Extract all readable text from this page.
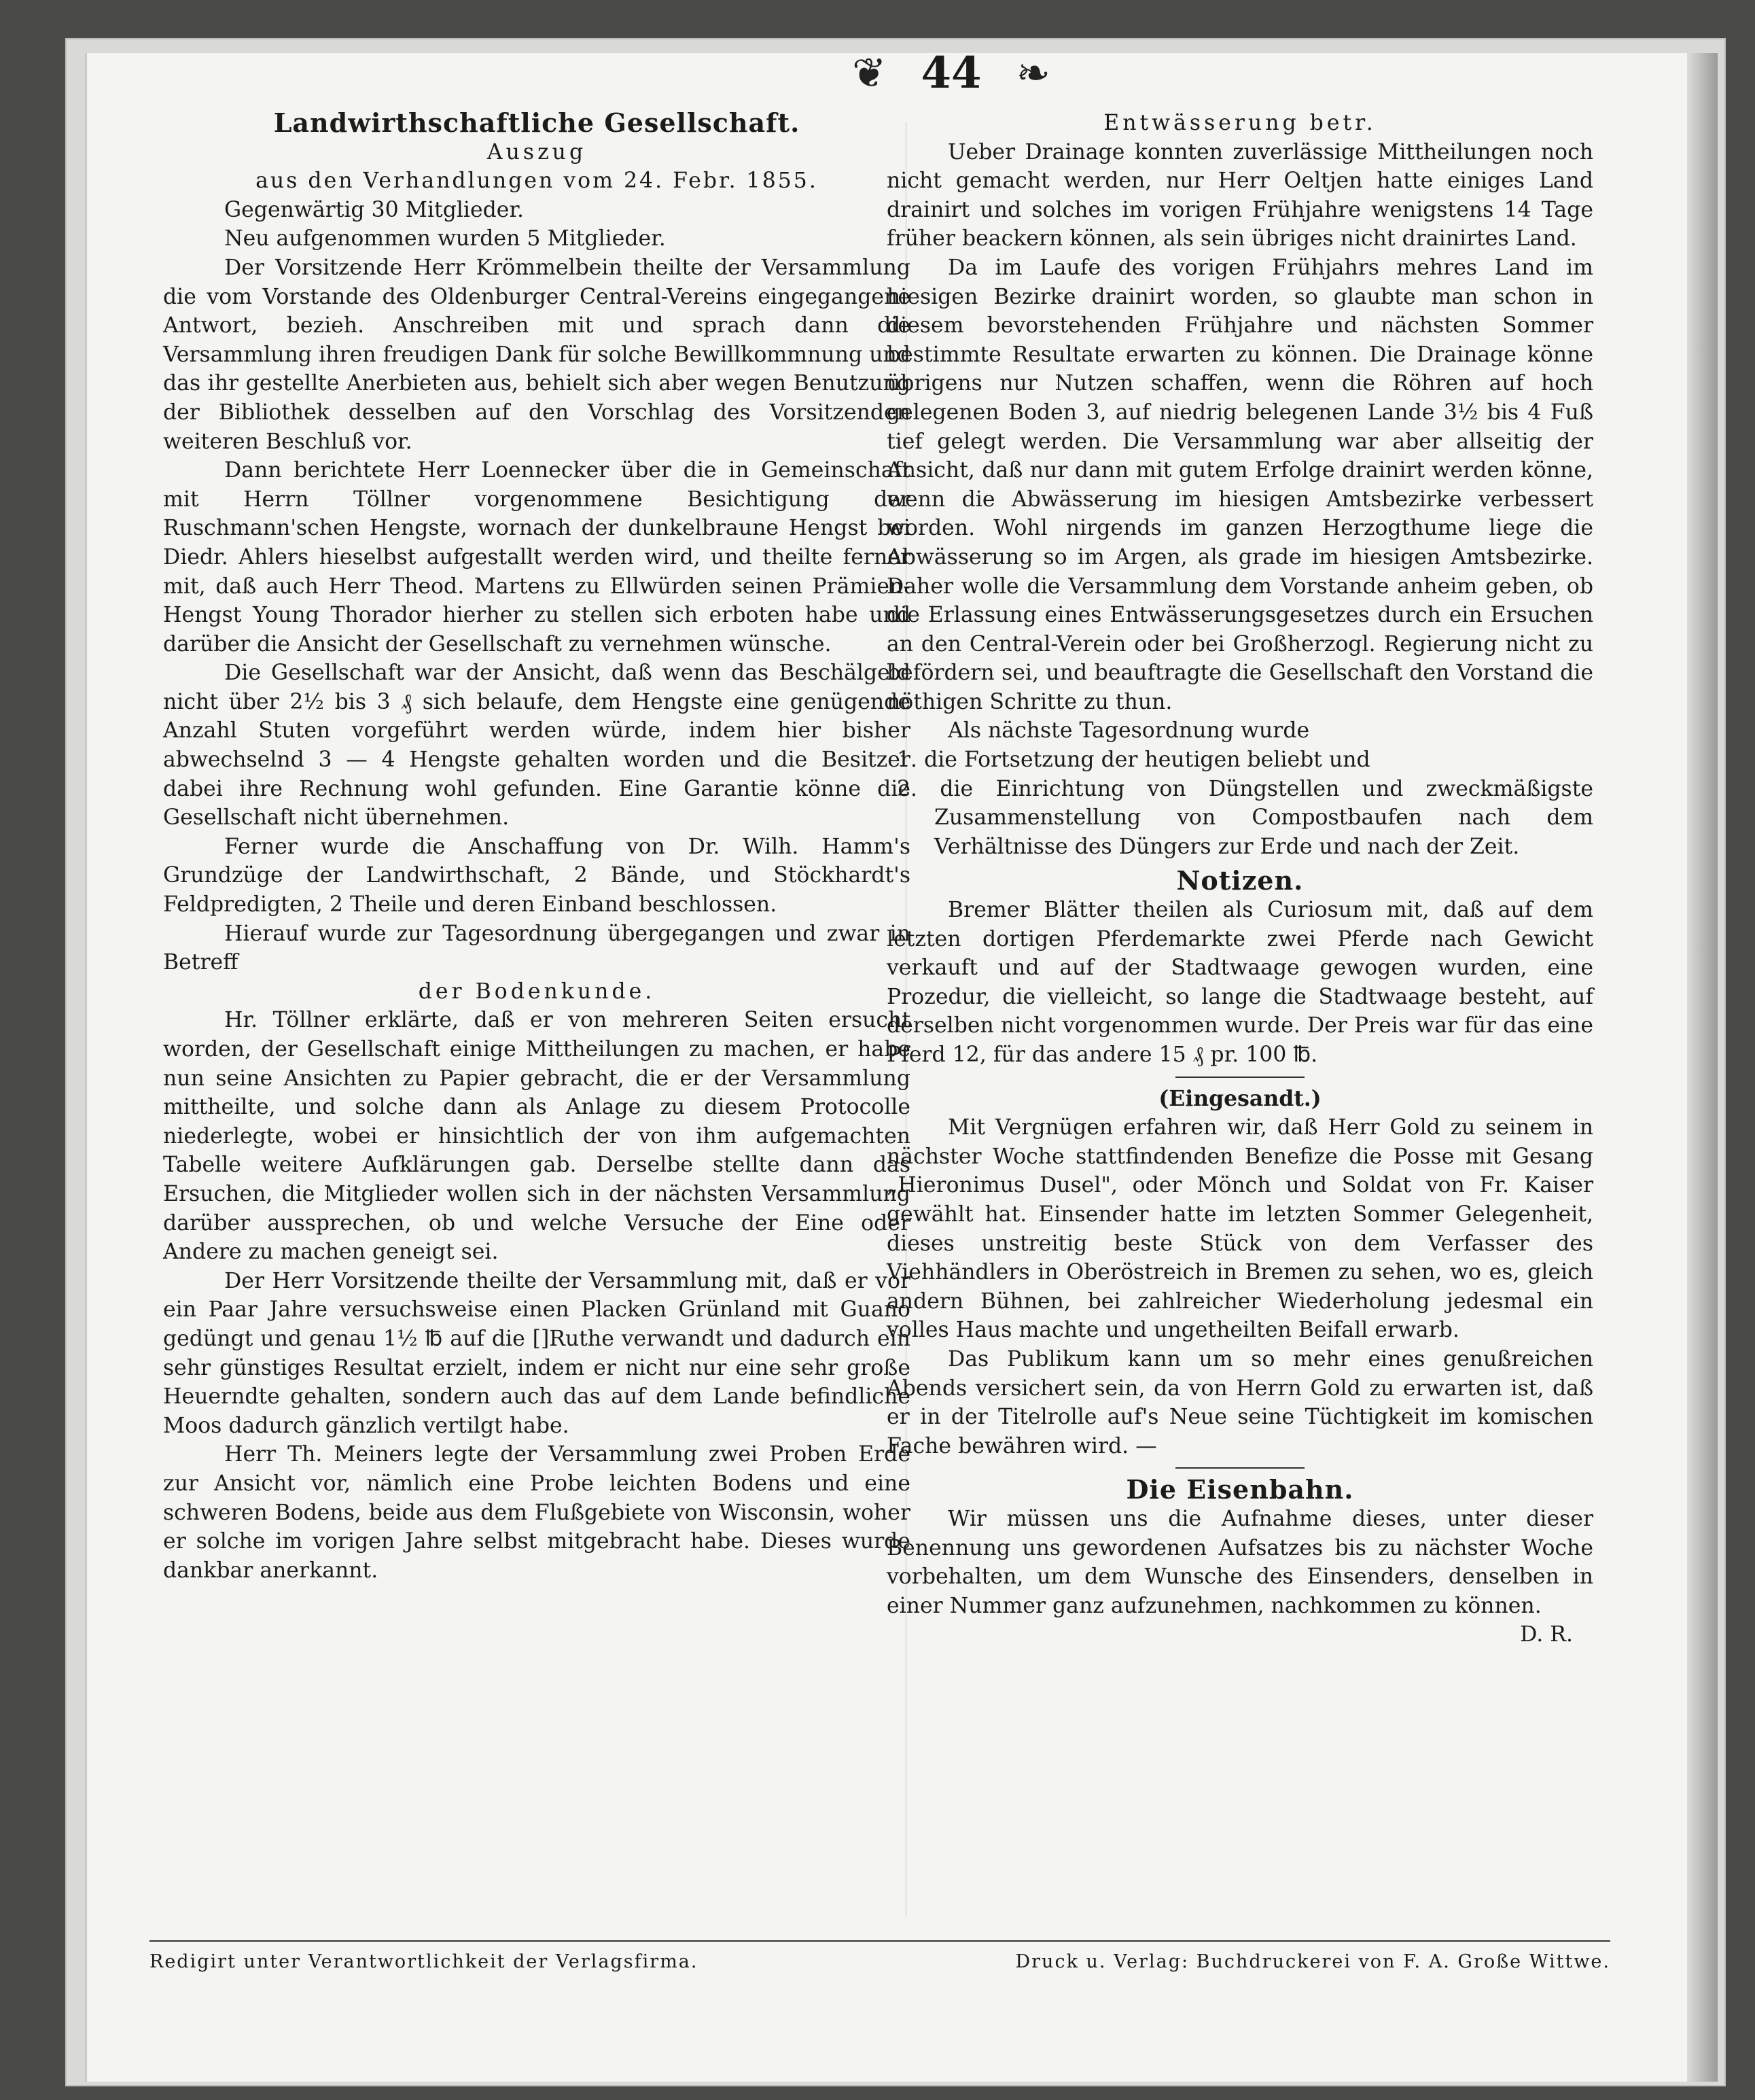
❦ 44 ❧

Landwirthschaftliche Gesellschaft.

Auszug

aus den Verhandlungen vom 24. Febr. 1855.

Gegenwärtig 30 Mitglieder.

Neu aufgenommen wurden 5 Mitglieder.

Der Vorsitzende Herr Krömmelbein theilte der Versammlung die vom Vorstande des Oldenburger Central-Vereins eingegangene Antwort, bezieh. Anschreiben mit und sprach dann die Versammlung ihren freudigen Dank für solche Bewillkommnung und das ihr gestellte Anerbieten aus, behielt sich aber wegen Benutzung der Bibliothek desselben auf den Vorschlag des Vorsitzenden weiteren Beschluß vor.

Dann berichtete Herr Loennecker über die in Gemeinschaft mit Herrn Töllner vorgenommene Besichtigung der Ruschmann'schen Hengste, wornach der dunkelbraune Hengst bei Diedr. Ahlers hieselbst aufgestallt werden wird, und theilte ferner mit, daß auch Herr Theod. Martens zu Ellwürden seinen Prämien-Hengst Young Thorador hierher zu stellen sich erboten habe und darüber die Ansicht der Gesellschaft zu vernehmen wünsche.

Die Gesellschaft war der Ansicht, daß wenn das Beschälgeld nicht über 2½ bis 3 ₰ sich belaufe, dem Hengste eine genügende Anzahl Stuten vorgeführt werden würde, indem hier bisher abwechselnd 3 — 4 Hengste gehalten worden und die Besitzer dabei ihre Rechnung wohl gefunden. Eine Garantie könne die Gesellschaft nicht übernehmen.

Ferner wurde die Anschaffung von Dr. Wilh. Hamm's Grundzüge der Landwirthschaft, 2 Bände, und Stöckhardt's Feldpredigten, 2 Theile und deren Einband beschlossen.

Hierauf wurde zur Tagesordnung übergegangen und zwar in Betreff

der Bodenkunde.

Hr. Töllner erklärte, daß er von mehreren Seiten ersucht worden, der Gesellschaft einige Mittheilungen zu machen, er habe nun seine Ansichten zu Papier gebracht, die er der Versammlung mittheilte, und solche dann als Anlage zu diesem Protocolle niederlegte, wobei er hinsichtlich der von ihm aufgemachten Tabelle weitere Aufklärungen gab. Derselbe stellte dann das Ersuchen, die Mitglieder wollen sich in der nächsten Versammlung darüber aussprechen, ob und welche Versuche der Eine oder Andere zu machen geneigt sei.

Der Herr Vorsitzende theilte der Versammlung mit, daß er vor ein Paar Jahre versuchsweise einen Placken Grünland mit Guano gedüngt und genau 1½ ℔ auf die []Ruthe verwandt und dadurch ein sehr günstiges Resultat erzielt, indem er nicht nur eine sehr große Heuerndte gehalten, sondern auch das auf dem Lande befindliche Moos dadurch gänzlich vertilgt habe.

Herr Th. Meiners legte der Versammlung zwei Proben Erde zur Ansicht vor, nämlich eine Probe leichten Bodens und eine schweren Bodens, beide aus dem Flußgebiete von Wisconsin, woher er solche im vorigen Jahre selbst mitgebracht habe. Dieses wurde dankbar anerkannt.

Entwässerung betr.

Ueber Drainage konnten zuverlässige Mittheilungen noch nicht gemacht werden, nur Herr Oeltjen hatte einiges Land drainirt und solches im vorigen Frühjahre wenigstens 14 Tage früher beackern können, als sein übriges nicht drainirtes Land.

Da im Laufe des vorigen Frühjahrs mehres Land im hiesigen Bezirke drainirt worden, so glaubte man schon in diesem bevorstehenden Frühjahre und nächsten Sommer bestimmte Resultate erwarten zu können. Die Drainage könne übrigens nur Nutzen schaffen, wenn die Röhren auf hoch gelegenen Boden 3, auf niedrig belegenen Lande 3½ bis 4 Fuß tief gelegt werden. Die Versammlung war aber allseitig der Ansicht, daß nur dann mit gutem Erfolge drainirt werden könne, wenn die Abwässerung im hiesigen Amtsbezirke verbessert worden. Wohl nirgends im ganzen Herzogthume liege die Abwässerung so im Argen, als grade im hiesigen Amtsbezirke. Daher wolle die Versammlung dem Vorstande anheim geben, ob die Erlassung eines Entwässerungsgesetzes durch ein Ersuchen an den Central-Verein oder bei Großherzogl. Regierung nicht zu befördern sei, und beauftragte die Gesellschaft den Vorstand die nöthigen Schritte zu thun.

Als nächste Tagesordnung wurde

1. die Fortsetzung der heutigen beliebt und
2. die Einrichtung von Düngstellen und zweckmäßigste Zusammenstellung von Compostbaufen nach dem Verhältnisse des Düngers zur Erde und nach der Zeit.

Notizen.

Bremer Blätter theilen als Curiosum mit, daß auf dem letzten dortigen Pferdemarkte zwei Pferde nach Gewicht verkauft und auf der Stadtwaage gewogen wurden, eine Prozedur, die vielleicht, so lange die Stadtwaage besteht, auf derselben nicht vorgenommen wurde. Der Preis war für das eine Pferd 12, für das andere 15 ₰ pr. 100 ℔.

(Eingesandt.)

Mit Vergnügen erfahren wir, daß Herr Gold zu seinem in nächster Woche stattfindenden Benefize die Posse mit Gesang „Hieronimus Dusel", oder Mönch und Soldat von Fr. Kaiser gewählt hat. Einsender hatte im letzten Sommer Gelegenheit, dieses unstreitig beste Stück von dem Verfasser des Viehhändlers in Oberöstreich in Bremen zu sehen, wo es, gleich andern Bühnen, bei zahlreicher Wiederholung jedesmal ein volles Haus machte und ungetheilten Beifall erwarb.

Das Publikum kann um so mehr eines genußreichen Abends versichert sein, da von Herrn Gold zu erwarten ist, daß er in der Titelrolle auf's Neue seine Tüchtigkeit im komischen Fache bewähren wird. —

Die Eisenbahn.

Wir müssen uns die Aufnahme dieses, unter dieser Benennung uns gewordenen Aufsatzes bis zu nächster Woche vorbehalten, um dem Wunsche des Einsenders, denselben in einer Nummer ganz aufzunehmen, nachkommen zu können.

D. R.

Redigirt unter Verantwortlichkeit der Verlagsfirma.	Druck u. Verlag: Buchdruckerei von F. A. Große Wittwe.
